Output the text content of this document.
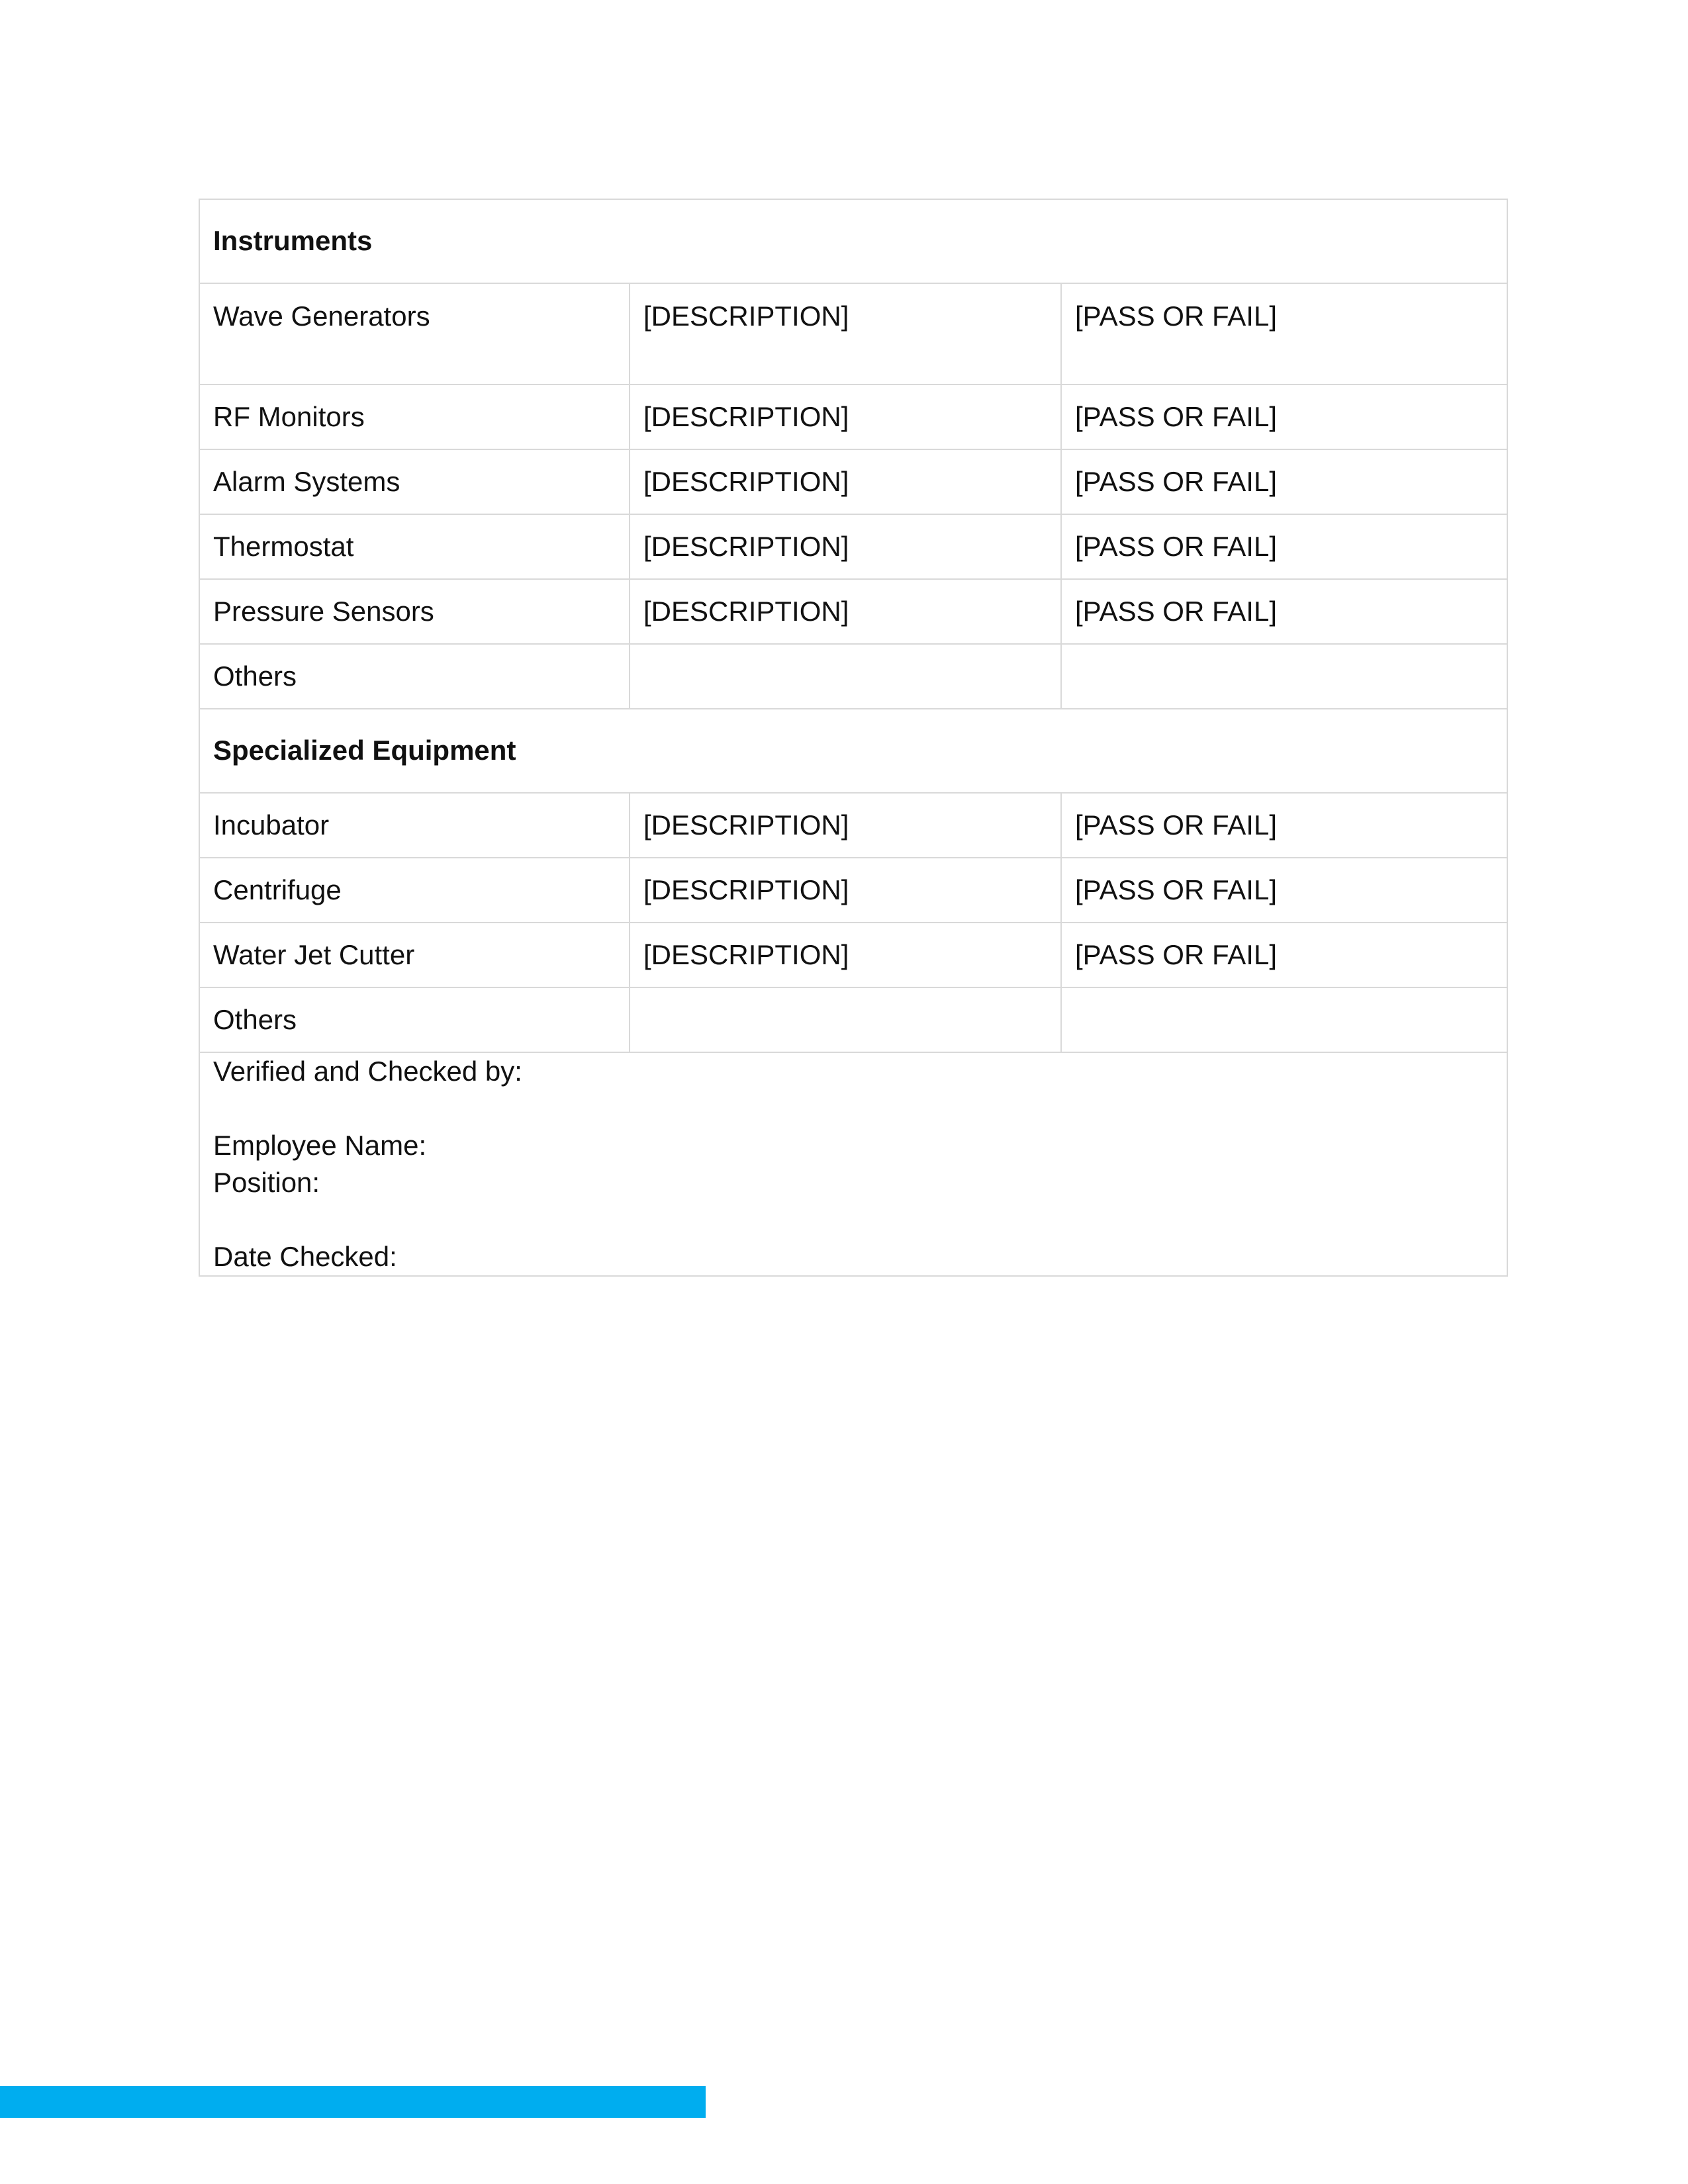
Instruments		
Wave Generators	[DESCRIPTION]	[PASS OR FAIL]
RF Monitors	[DESCRIPTION]	[PASS OR FAIL]
Alarm Systems	[DESCRIPTION]	[PASS OR FAIL]
Thermostat	[DESCRIPTION]	[PASS OR FAIL]
Pressure Sensors	[DESCRIPTION]	[PASS OR FAIL]
Others		
Specialized Equipment		
Incubator	[DESCRIPTION]	[PASS OR FAIL]
Centrifuge	[DESCRIPTION]	[PASS OR FAIL]
Water Jet Cutter	[DESCRIPTION]	[PASS OR FAIL]
Others		

Verified and Checked by:
Employee Name:
Position:
Date Checked:		
